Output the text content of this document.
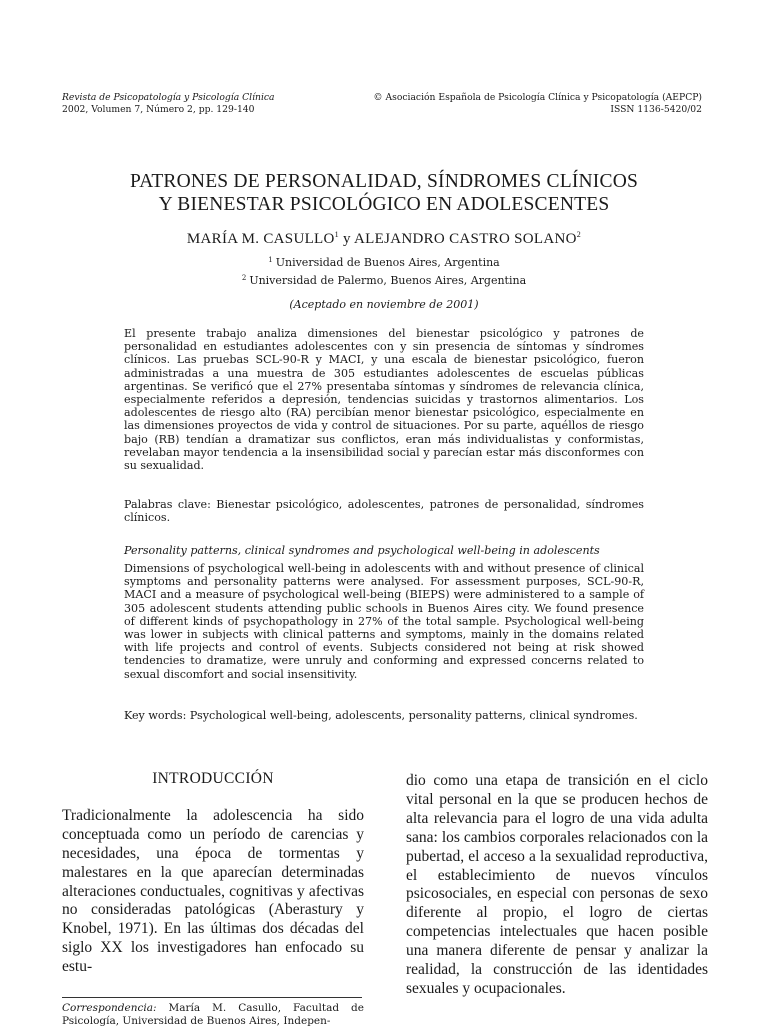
Revista de Psicopatología y Psicología Clínica
2002, Volumen 7, Número 2, pp. 129-140
© Asociación Española de Psicología Clínica y Psicopatología (AEPCP)
ISSN 1136-5420/02
PATRONES DE PERSONALIDAD, SÍNDROMES CLÍNICOS
Y BIENESTAR PSICOLÓGICO EN ADOLESCENTES
MARÍA M. CASULLO$^1$ y ALEJANDRO CASTRO SOLANO$^2$
$^1$ Universidad de Buenos Aires, Argentina
$^2$ Universidad de Palermo, Buenos Aires, Argentina
(Aceptado en noviembre de 2001)

El presente trabajo analiza dimensiones del bienestar psicológico y patrones de personalidad en estudiantes adolescentes con y sin presencia de síntomas y síndromes clínicos. Las pruebas SCL-90-R y MACI, y una escala de bienestar psicológico, fueron administradas a una muestra de 305 estudiantes adolescentes de escuelas públicas argentinas. Se verificó que el 27% presentaba síntomas y síndromes de relevancia clínica, especialmente referidos a depresión, tendencias suicidas y trastornos alimentarios. Los adolescentes de riesgo alto (RA) percibían menor bienestar psicológico, especialmente en las dimensiones proyectos de vida y control de situaciones. Por su parte, aquéllos de riesgo bajo (RB) tendían a dramatizar sus conflictos, eran más individualistas y conformistas, revelaban mayor tendencia a la insensibilidad social y parecían estar más disconformes con su sexualidad.

Palabras clave: Bienestar psicológico, adolescentes, patrones de personalidad, síndromes clínicos.

Personality patterns, clinical syndromes and psychological well-being in adolescents

Dimensions of psychological well-being in adolescents with and without presence of clinical symptoms and personality patterns were analysed. For assessment purposes, SCL-90-R, MACI and a measure of psychological well-being (BIEPS) were administered to a sample of 305 adolescent students attending public schools in Buenos Aires city. We found presence of different kinds of psychopathology in 27% of the total sample. Psychological well-being was lower in subjects with clinical patterns and symptoms, mainly in the domains related with life projects and control of events. Subjects considered not being at risk showed tendencies to dramatize, were unruly and conforming and expressed concerns related to sexual discomfort and social insensitivity.

Key words: Psychological well-being, adolescents, personality patterns, clinical syndromes.

INTRODUCCIÓN

Tradicionalmente la adolescencia ha sido conceptuada como un período de carencias y necesidades, una época de tormentas y malestares en la que aparecían determinadas alteraciones conductuales, cognitivas y afectivas no consideradas patológicas (Aberastury y Knobel, 1971). En las últimas dos décadas del siglo XX los investigadores han enfocado su estu-

dio como una etapa de transición en el ciclo vital personal en la que se producen hechos de alta relevancia para el logro de una vida adulta sana: los cambios corporales relacionados con la pubertad, el acceso a la sexualidad reproductiva, el establecimiento de nuevos vínculos psicosociales, en especial con personas de sexo diferente al propio, el logro de ciertas competencias intelectuales que hacen posible una manera diferente de pensar y analizar la realidad, la construcción de las identidades sexuales y ocupacionales.

Correspondencia: María M. Casullo, Facultad de Psicología, Universidad de Buenos Aires, Indepen-
